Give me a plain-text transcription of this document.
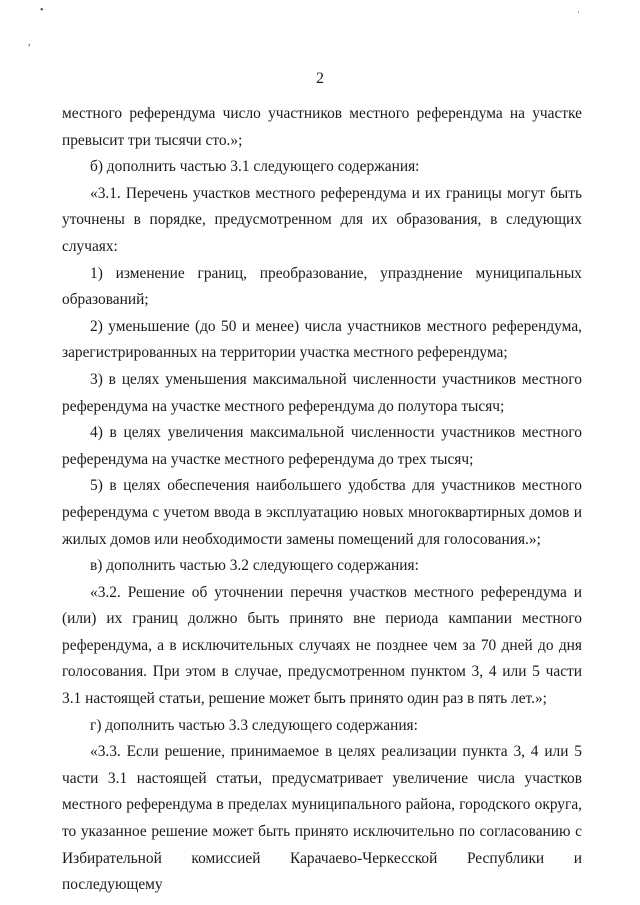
•
,
'
2

местного референдума число участников местного референдума на участке превысит три тысячи сто.»;

б) дополнить частью 3.1 следующего содержания:

«3.1. Перечень участков местного референдума и их границы могут быть уточнены в порядке, предусмотренном для их образования, в следующих случаях:

1) изменение границ, преобразование, упразднение муниципальных образований;

2) уменьшение (до 50 и менее) числа участников местного референдума, зарегистрированных на территории участка местного референдума;

3) в целях уменьшения максимальной численности участников местного референдума на участке местного референдума до полутора тысяч;

4) в целях увеличения максимальной численности участников местного референдума на участке местного референдума до трех тысяч;

5) в целях обеспечения наибольшего удобства для участников местного референдума с учетом ввода в эксплуатацию новых многоквартирных домов и жилых домов или необходимости замены помещений для голосования.»;

в) дополнить частью 3.2 следующего содержания:

«3.2. Решение об уточнении перечня участков местного референдума и (или) их границ должно быть принято вне периода кампании местного референдума, а в исключительных случаях не позднее чем за 70 дней до дня голосования. При этом в случае, предусмотренном пунктом 3, 4 или 5 части 3.1 настоящей статьи, решение может быть принято один раз в пять лет.»;

г) дополнить частью 3.3 следующего содержания:

«3.3. Если решение, принимаемое в целях реализации пункта 3, 4 или 5 части 3.1 настоящей статьи, предусматривает увеличение числа участков местного референдума в пределах муниципального района, городского округа, то указанное решение может быть принято исключительно по согласованию с Избирательной комиссией Карачаево-Черкесской Республики и последующему
